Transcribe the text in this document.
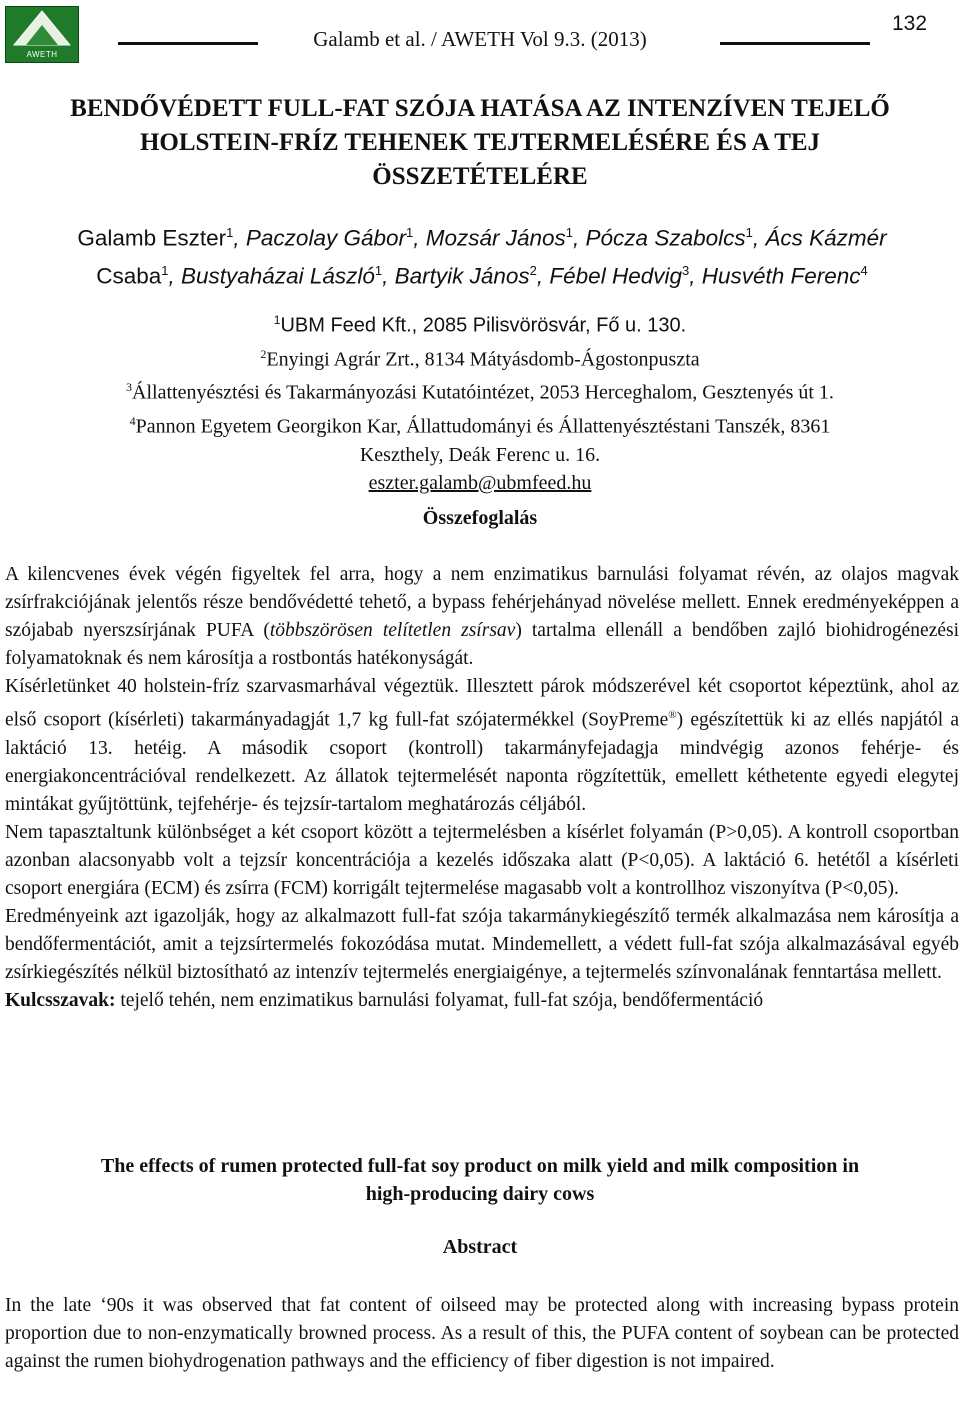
AWETH
Galamb et al. / AWETH Vol 9.3. (2013)
132
BENDŐVÉDETT FULL-FAT SZÓJA HATÁSA AZ INTENZÍVEN TEJELŐ
HOLSTEIN-FRÍZ TEHENEK TEJTERMELÉSÉRE ÉS A TEJ
ÖSSZETÉTELÉRE
Galamb Eszter$^1$, Paczolay Gábor$^1$, Mozsár János$^1$, Pócza Szabolcs$^1$, Ács Kázmér
Csaba$^1$, Bustyaházai László$^1$, Bartyik János$^2$, Fébel Hedvig$^3$, Husvéth Ferenc$^4$
$^1$UBM Feed Kft., 2085 Pilisvörösvár, Fő u. 130.
$^2$Enyingi Agrár Zrt., 8134 Mátyásdomb-Ágostonpuszta
$^3$Állattenyésztési és Takarmányozási Kutatóintézet, 2053 Herceghalom, Gesztenyés út 1.
$^4$Pannon Egyetem Georgikon Kar, Állattudományi és Állattenyésztéstani Tanszék, 8361
Keszthely, Deák Ferenc u. 16.
eszter.galamb@ubmfeed.hu
Összefoglalás

A kilencvenes évek végén figyeltek fel arra, hogy a nem enzimatikus barnulási folyamat révén, az olajos magvak zsírfrakciójának jelentős része bendővédetté tehető, a bypass fehérjehányad növelése mellett. Ennek eredményeképpen a szójabab nyerszsírjának PUFA (többszörösen telítetlen zsírsav) tartalma ellenáll a bendőben zajló biohidrogénezési folyamatoknak és nem károsítja a rostbontás hatékonyságát.

Kísérletünket 40 holstein-fríz szarvasmarhával végeztük. Illesztett párok módszerével két csoportot képeztünk, ahol az első csoport (kísérleti) takarmányadagját 1,7 kg full-fat szójatermékkel (SoyPreme®) egészítettük ki az ellés napjától a laktáció 13. hetéig. A második csoport (kontroll) takarmányfejadagja mindvégig azonos fehérje- és energiakoncentrációval rendelkezett. Az állatok tejtermelését naponta rögzítettük, emellett kéthetente egyedi elegytej mintákat gyűjtöttünk, tejfehérje- és tejzsír-tartalom meghatározás céljából.

Nem tapasztaltunk különbséget a két csoport között a tejtermelésben a kísérlet folyamán (P>0,05). A kontroll csoportban azonban alacsonyabb volt a tejzsír koncentrációja a kezelés időszaka alatt (P<0,05). A laktáció 6. hetétől a kísérleti csoport energiára (ECM) és zsírra (FCM) korrigált tejtermelése magasabb volt a kontrollhoz viszonyítva (P<0,05).

Eredményeink azt igazolják, hogy az alkalmazott full-fat szója takarmánykiegészítő termék alkalmazása nem károsítja a bendőfermentációt, amit a tejzsírtermelés fokozódása mutat. Mindemellett, a védett full-fat szója alkalmazásával egyéb zsírkiegészítés nélkül biztosítható az intenzív tejtermelés energiaigénye, a tejtermelés színvonalának fenntartása mellett.

Kulcsszavak: tejelő tehén, nem enzimatikus barnulási folyamat, full-fat szója, bendőfermentáció

The effects of rumen protected full-fat soy product on milk yield and milk composition in
high-producing dairy cows
Abstract

In the late ‘90s it was observed that fat content of oilseed may be protected along with increasing bypass protein proportion due to non-enzymatically browned process. As a result of this, the PUFA content of soybean can be protected against the rumen biohydrogenation pathways and the efficiency of fiber digestion is not impaired.
